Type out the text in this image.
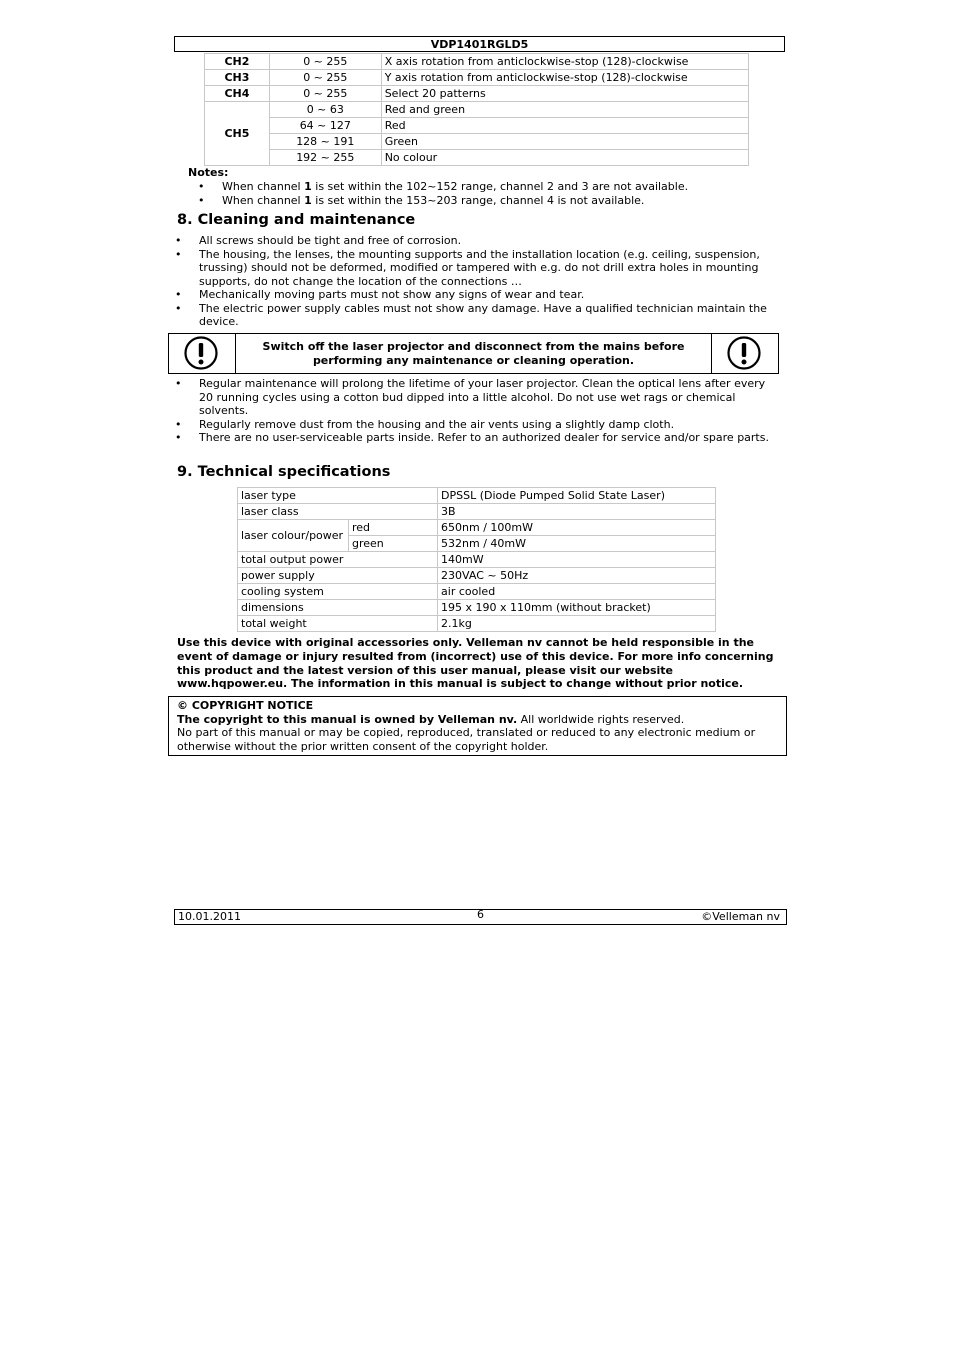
VDP1401RGLD5
CH2	0 ~ 255	X axis rotation from anticlockwise-stop (128)-clockwise
CH3	0 ~ 255	Y axis rotation from anticlockwise-stop (128)-clockwise
CH4	0 ~ 255	Select 20 patterns
CH5	0 ~ 63	Red and green
	64 ~ 127	Red
	128 ~ 191	Green
	192 ~ 255	No colour
Notes:
• When channel 1 is set within the 102~152 range, channel 2 and 3 are not available.
• When channel 1 is set within the 153~203 range, channel 4 is not available.
8. Cleaning and maintenance
• All screws should be tight and free of corrosion.
• The housing, the lenses, the mounting supports and the installation location (e.g. ceiling, suspension, trussing) should not be deformed, modified or tampered with e.g. do not drill extra holes in mounting supports, do not change the location of the connections …
• Mechanically moving parts must not show any signs of wear and tear.
• The electric power supply cables must not show any damage. Have a qualified technician maintain the device.
Switch off the laser projector and disconnect from the mains before performing any maintenance or cleaning operation.
• Regular maintenance will prolong the lifetime of your laser projector. Clean the optical lens after every 20 running cycles using a cotton bud dipped into a little alcohol. Do not use wet rags or chemical solvents.
• Regularly remove dust from the housing and the air vents using a slightly damp cloth.
• There are no user-serviceable parts inside. Refer to an authorized dealer for service and/or spare parts.
9. Technical specifications
laser type		DPSSL (Diode Pumped Solid State Laser)
laser class		3B
laser colour/power	red	650nm / 100mW
	green	532nm / 40mW
total output power		140mW
power supply		230VAC ~ 50Hz
cooling system		air cooled
dimensions		195 x 190 x 110mm (without bracket)
total weight		2.1kg
Use this device with original accessories only. Velleman nv cannot be held responsible in the event of damage or injury resulted from (incorrect) use of this device. For more info concerning this product and the latest version of this user manual, please visit our website www.hqpower.eu. The information in this manual is subject to change without prior notice.
© COPYRIGHT NOTICE
The copyright to this manual is owned by Velleman nv. All worldwide rights reserved.
No part of this manual or may be copied, reproduced, translated or reduced to any electronic medium or otherwise without the prior written consent of the copyright holder.
10.01.2011	6	©Velleman nv
